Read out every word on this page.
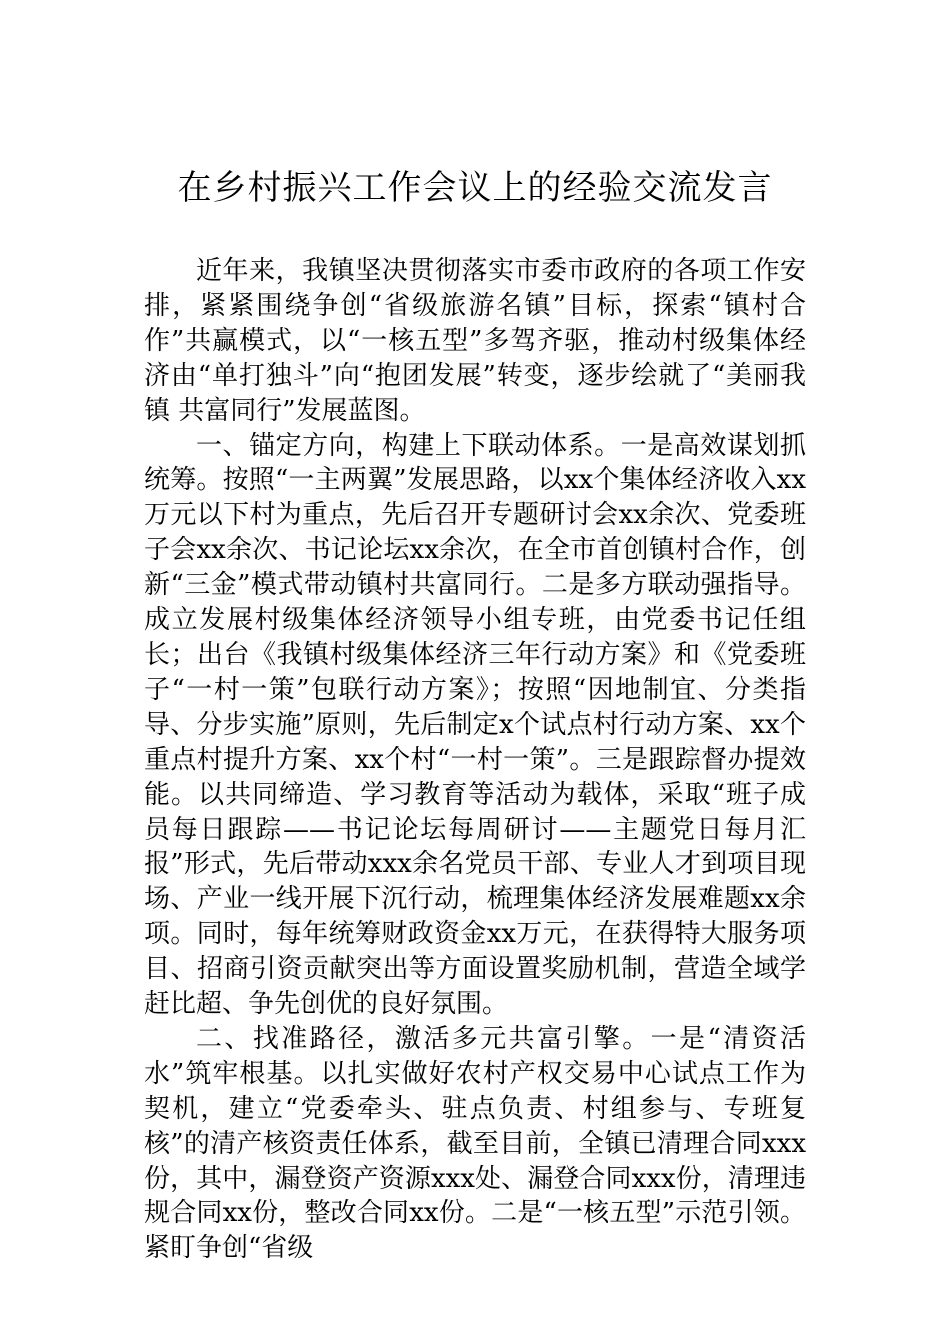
在乡村振兴工作会议上的经验交流发言

近年来，我镇坚决贯彻落实市委市政府的各项工作安排，紧紧围绕争创“省级旅游名镇”目标，探索“镇村合作”共赢模式，以“一核五型”多驾齐驱，推动村级集体经济由“单打独斗”向“抱团发展”转变，逐步绘就了“美丽我镇 共富同行”发展蓝图。

一、锚定方向，构建上下联动体系。一是高效谋划抓统筹。按照“一主两翼”发展思路，以xx个集体经济收入xx万元以下村为重点，先后召开专题研讨会xx余次、党委班子会xx余次、书记论坛xx余次，在全市首创镇村合作，创新“三金”模式带动镇村共富同行。二是多方联动强指导。成立发展村级集体经济领导小组专班，由党委书记任组长；出台《我镇村级集体经济三年行动方案》和《党委班子“一村一策”包联行动方案》；按照“因地制宜、分类指导、分步实施”原则，先后制定x个试点村行动方案、xx个重点村提升方案、xx个村“一村一策”。三是跟踪督办提效能。以共同缔造、学习教育等活动为载体，采取“班子成员每日跟踪——书记论坛每周研讨——主题党日每月汇报”形式，先后带动xxx余名党员干部、专业人才到项目现场、产业一线开展下沉行动，梳理集体经济发展难题xx余项。同时，每年统筹财政资金xx万元，在获得特大服务项目、招商引资贡献突出等方面设置奖励机制，营造全域学赶比超、争先创优的良好氛围。

二、找准路径，激活多元共富引擎。一是“清资活水”筑牢根基。以扎实做好农村产权交易中心试点工作为契机，建立“党委牵头、驻点负责、村组参与、专班复核”的清产核资责任体系，截至目前，全镇已清理合同xxx份，其中，漏登资产资源xxx处、漏登合同xxx份，清理违规合同xx份，整改合同xx份。二是“一核五型”示范引领。紧盯争创“省级
